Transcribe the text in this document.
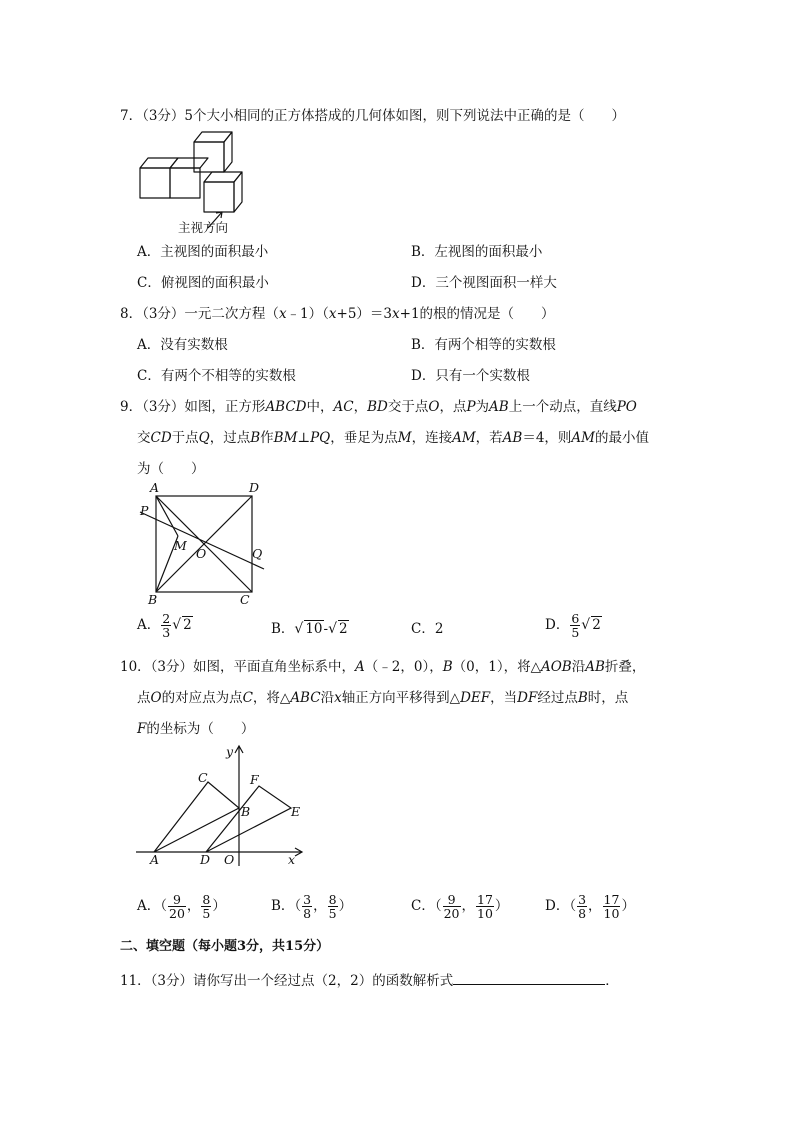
7．（3分）5个大小相同的正方体搭成的几何体如图，则下列说法中正确的是（　　）
主视方向
A．主视图的面积最小	B．左视图的面积最小
C．俯视图的面积最小	D．三个视图面积一样大
8．（3分）一元二次方程（x﹣1）（x+5）＝3x+1的根的情况是（　　）
A．没有实数根	B．有两个相等的实数根
C．有两个不相等的实数根	D．只有一个实数根
9．（3分）如图，正方形ABCD中，AC，BD交于点O，点P为AB上一个动点，直线PO
交CD于点Q，过点B作BM⊥PQ，垂足为点M，连接AM，若AB＝4，则AM的最小值
为（　　）
A	D
P
M
O	Q
B	C
A． $\frac{2}{3}$ √ 2	B．√ 10-√ 2	C．2	D． $\frac{6}{5}$ √ 2
10．（3分）如图，平面直角坐标系中，A（﹣2，0），B（0，1），将△AOB沿AB折叠，
点O的对应点为点C，将△ABC沿x轴正方向平移得到△DEF，当DF经过点B时，点
F的坐标为（　　）
y
C	F
B	E
A	D O	x
A．（ $\frac{9}{20}$ ， $\frac{8}{5}$ ）	B．（ $\frac{3}{8}$ ， $\frac{8}{5}$ ）	C．（ $\frac{9}{20}$ ， $\frac{17}{10}$ ）	D．（ $\frac{3}{8}$ ， $\frac{17}{10}$ ）
二、填空题（每小题3分，共15分）
11．（3分）请你写出一个经过点（2，2）的函数解析式	．
